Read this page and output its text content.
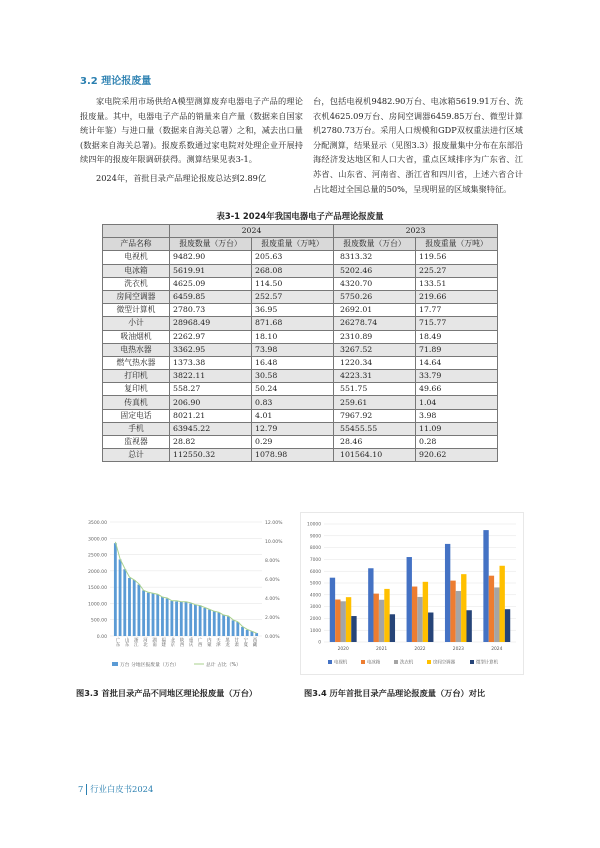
3.2 理论报废量

家电院采用市场供给A模型测算废弃电器电子产品的理论报废量。其中，电器电子产品的销量来自产量（数据来自国家统计年鉴）与进口量（数据来自海关总署）之和，减去出口量(数据来自海关总署)。报废系数通过家电院对处理企业开展持续四年的报废年限调研获得。测算结果见表3-1。

2024年，首批目录产品理论报废总达到2.89亿

台，包括电视机9482.90万台、电冰箱5619.91万台、洗衣机4625.09万台、房间空调器6459.85万台、微型计算机2780.73万台。采用人口规模和GDP双权重法进行区域分配测算，结果显示（见图3.3）报废量集中分布在东部沿海经济发达地区和人口大省，重点区域排序为广东省、江苏省、山东省、河南省、浙江省和四川省，上述六省合计占比超过全国总量的50%，呈现明显的区域集聚特征。

表3-1 2024年我国电器电子产品理论报废量
	2024		2023	
产品名称	报废数量（万台）	报废重量（万吨）	报废数量（万台）	报废重量（万吨）
电视机	9482.90	205.63	8313.32	119.56
电冰箱	5619.91	268.08	5202.46	225.27
洗衣机	4625.09	114.50	4320.70	133.51
房间空调器	6459.85	252.57	5750.26	219.66
微型计算机	2780.73	36.95	2692.01	17.77
小计	28968.49	871.68	26278.74	715.77
吸油烟机	2262.97	18.10	2310.89	18.49
电热水器	3362.95	73.98	3267.52	71.89
燃气热水器	1373.38	16.48	1220.34	14.64
打印机	3822.11	30.58	4223.31	33.79
复印机	558.27	50.24	551.75	49.66
传真机	206.90	0.83	259.61	1.04
固定电话	8021.21	4.01	7967.92	3.98
手机	63945.22	12.79	55455.55	11.09
监视器	28.82	0.29	28.46	0.28
总计	112550.32	1078.98	101564.10	920.62
0.00
500.00
1000.00
1500.00
2000.00
2500.00
3000.00
3500.00
0.00%
2.00%
4.00%
6.00%
8.00%
10.00%
12.00%
广东 山东 浙江 河北 湖南 福建 北京 陕西 重庆 广西 内蒙 天津 黑龙 甘肃 宁夏 西藏
万台 分地区报废量（万台）	总计 占比（%）
0
1000
2000
3000
4000
5000
6000
7000
8000
9000
10000
2020	2021	2022	2023	2024
电视机	电冰箱	洗衣机	房间空调器	微型计算机
图3.3 首批目录产品不同地区理论报废量（万台）	图3.4 历年首批目录产品理论报废量（万台）对比
7 行业白皮书2024
